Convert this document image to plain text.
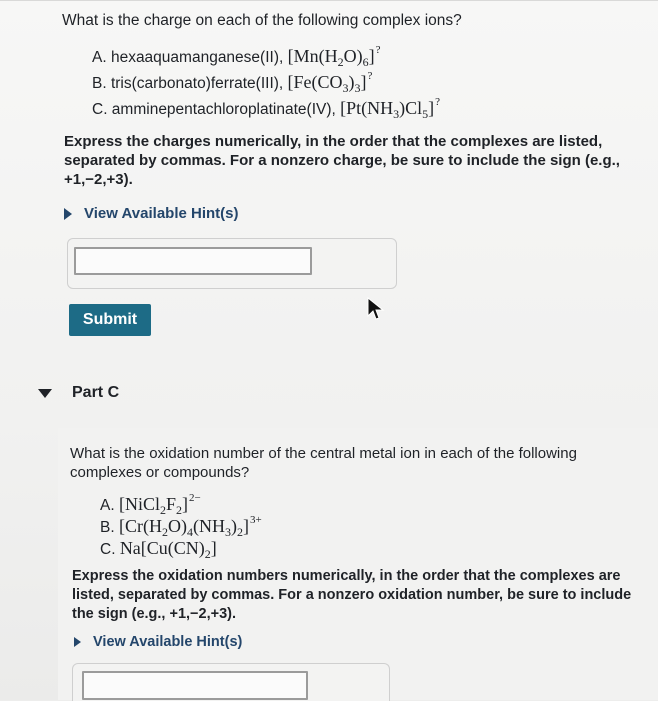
What is the charge on each of the following complex ions?
A. hexaaquamanganese(II), $[Mn(H_2O)_6]^?$
B. tris(carbonato)ferrate(III), $[Fe(CO_3)_3]^?$
C. amminepentachloroplatinate(IV), $[Pt(NH_3)Cl_5]^?$
Express the charges numerically, in the order that the complexes are listed, separated by commas. For a nonzero charge, be sure to include the sign (e.g., +1,−2,+3).
View Available Hint(s)
Submit
Part C
What is the oxidation number of the central metal ion in each of the following complexes or compounds?
A. $[NiCl_2F_2]^{2-}$
B. $[Cr(H_2O)_4(NH_3)_2]^{3+}$
C. $Na[Cu(CN)_2]$
Express the oxidation numbers numerically, in the order that the complexes are listed, separated by commas. For a nonzero oxidation number, be sure to include the sign (e.g., +1,−2,+3).
View Available Hint(s)
